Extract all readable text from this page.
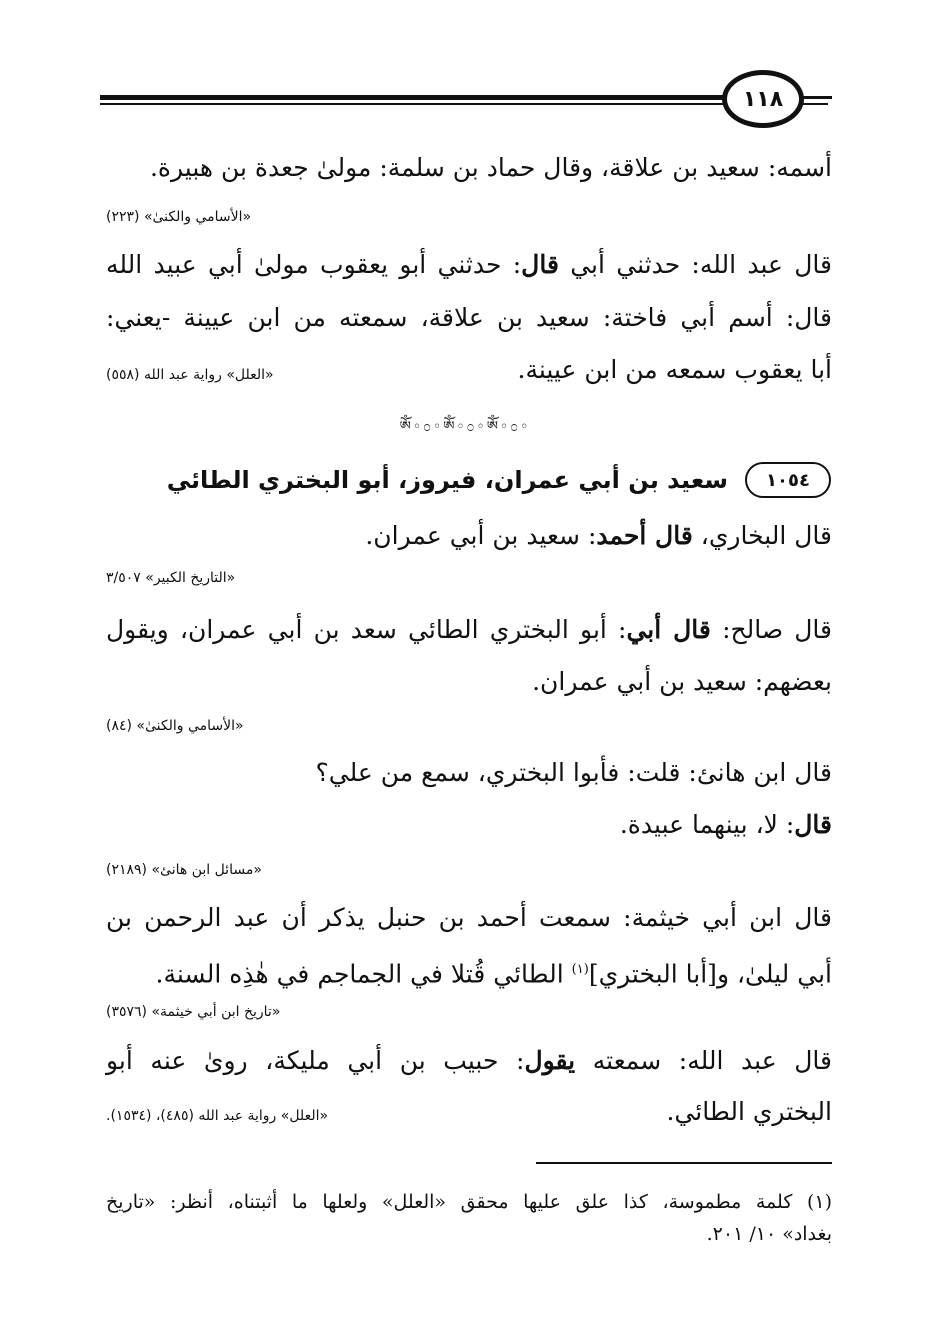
١١٨
أسمه: سعيد بن علاقة، وقال حماد بن سلمة: مولىٰ جعدة بن هبيرة.
«الأسامي والكنىٰ» (٢٢٣)
قال عبد الله: حدثني أبي قال: حدثني أبو يعقوب مولىٰ أبي عبيد الله
قال: أسم أبي فاختة: سعيد بن علاقة، سمعته من ابن عيينة -يعني:
أبا يعقوب سمعه من ابن عيينة.
«العلل» رواية عبد الله (٥٥٨)
ༀ◦೦◦ༀ◦೦◦ༀ◦೦◦
١٠٥٤
سعيد بن أبي عمران، فيروز، أبو البختري الطائي
قال البخاري، قال أحمد: سعيد بن أبي عمران.
«التاريخ الكبير» ٣/٥٠٧
قال صالح: قال أبي: أبو البختري الطائي سعد بن أبي عمران، ويقول
بعضهم: سعيد بن أبي عمران.
«الأسامي والكنىٰ» (٨٤)
قال ابن هانئ: قلت: فأبوا البختري، سمع من علي؟
قال: لا، بينهما عبيدة.
«مسائل ابن هانئ» (٢١٨٩)
قال ابن أبي خيثمة: سمعت أحمد بن حنبل يذكر أن عبد الرحمن بن
أبي ليلىٰ، و[أبا البختري]$^{(١)}$ الطائي قُتلا في الجماجم في هٰذِه السنة.
«تاريخ ابن أبي خيثمة» (٣٥٧٦)
قال عبد الله: سمعته يقول: حبيب بن أبي مليكة، روىٰ عنه أبو
البختري الطائي.
«العلل» رواية عبد الله (٤٨٥)، (١٥٣٤).
(١) كلمة مطموسة، كذا علق عليها محقق «العلل» ولعلها ما أثبتناه، أنظر: «تاريخ
بغداد» ١٠/ ٢٠١.
